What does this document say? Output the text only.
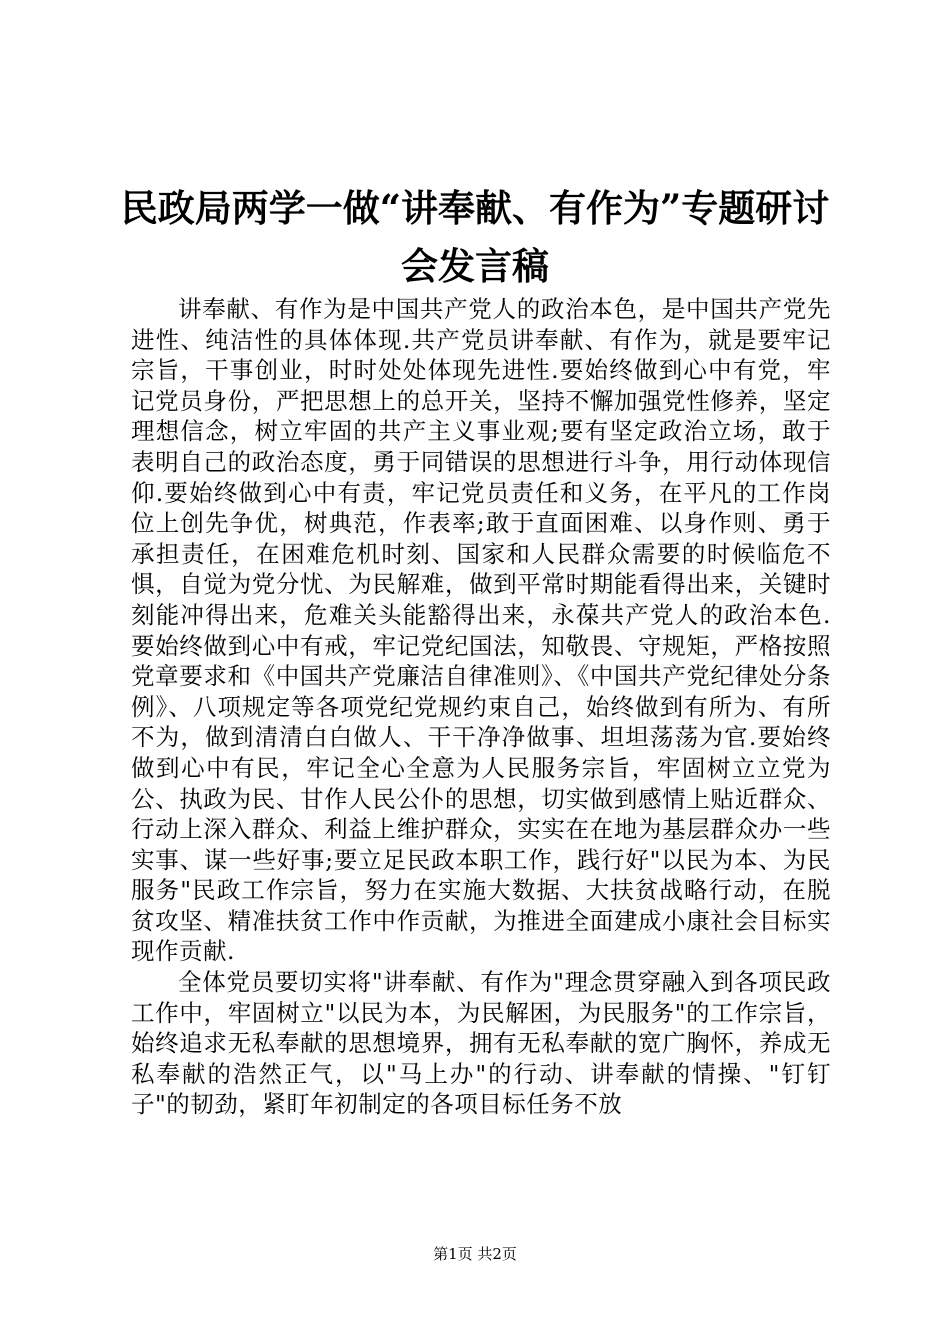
民政局两学一做“讲奉献、有作为”专题研讨
会发言稿

讲奉献、有作为是中国共产党人的政治本色，是中国共产党先进性、纯洁性的具体体现.共产党员讲奉献、有作为，就是要牢记宗旨，干事创业，时时处处体现先进性.要始终做到心中有党，牢记党员身份，严把思想上的总开关，坚持不懈加强党性修养，坚定理想信念，树立牢固的共产主义事业观;要有坚定政治立场，敢于表明自己的政治态度，勇于同错误的思想进行斗争，用行动体现信仰.要始终做到心中有责，牢记党员责任和义务，在平凡的工作岗位上创先争优，树典范，作表率;敢于直面困难、以身作则、勇于承担责任，在困难危机时刻、国家和人民群众需要的时候临危不惧，自觉为党分忧、为民解难，做到平常时期能看得出来，关键时刻能冲得出来，危难关头能豁得出来，永葆共产党人的政治本色.要始终做到心中有戒，牢记党纪国法，知敬畏、守规矩，严格按照党章要求和《中国共产党廉洁自律准则》、《中国共产党纪律处分条例》、八项规定等各项党纪党规约束自己，始终做到有所为、有所不为，做到清清白白做人、干干净净做事、坦坦荡荡为官.要始终做到心中有民，牢记全心全意为人民服务宗旨，牢固树立立党为公、执政为民、甘作人民公仆的思想，切实做到感情上贴近群众、行动上深入群众、利益上维护群众，实实在在地为基层群众办一些实事、谋一些好事;要立足民政本职工作，践行好"以民为本、为民服务"民政工作宗旨，努力在实施大数据、大扶贫战略行动，在脱贫攻坚、精准扶贫工作中作贡献，为推进全面建成小康社会目标实现作贡献.

全体党员要切实将"讲奉献、有作为"理念贯穿融入到各项民政工作中，牢固树立"以民为本，为民解困，为民服务"的工作宗旨，始终追求无私奉献的思想境界，拥有无私奉献的宽广胸怀，养成无私奉献的浩然正气，以"马上办"的行动、讲奉献的情操、"钉钉子"的韧劲，紧盯年初制定的各项目标任务不放

第1页 共2页
